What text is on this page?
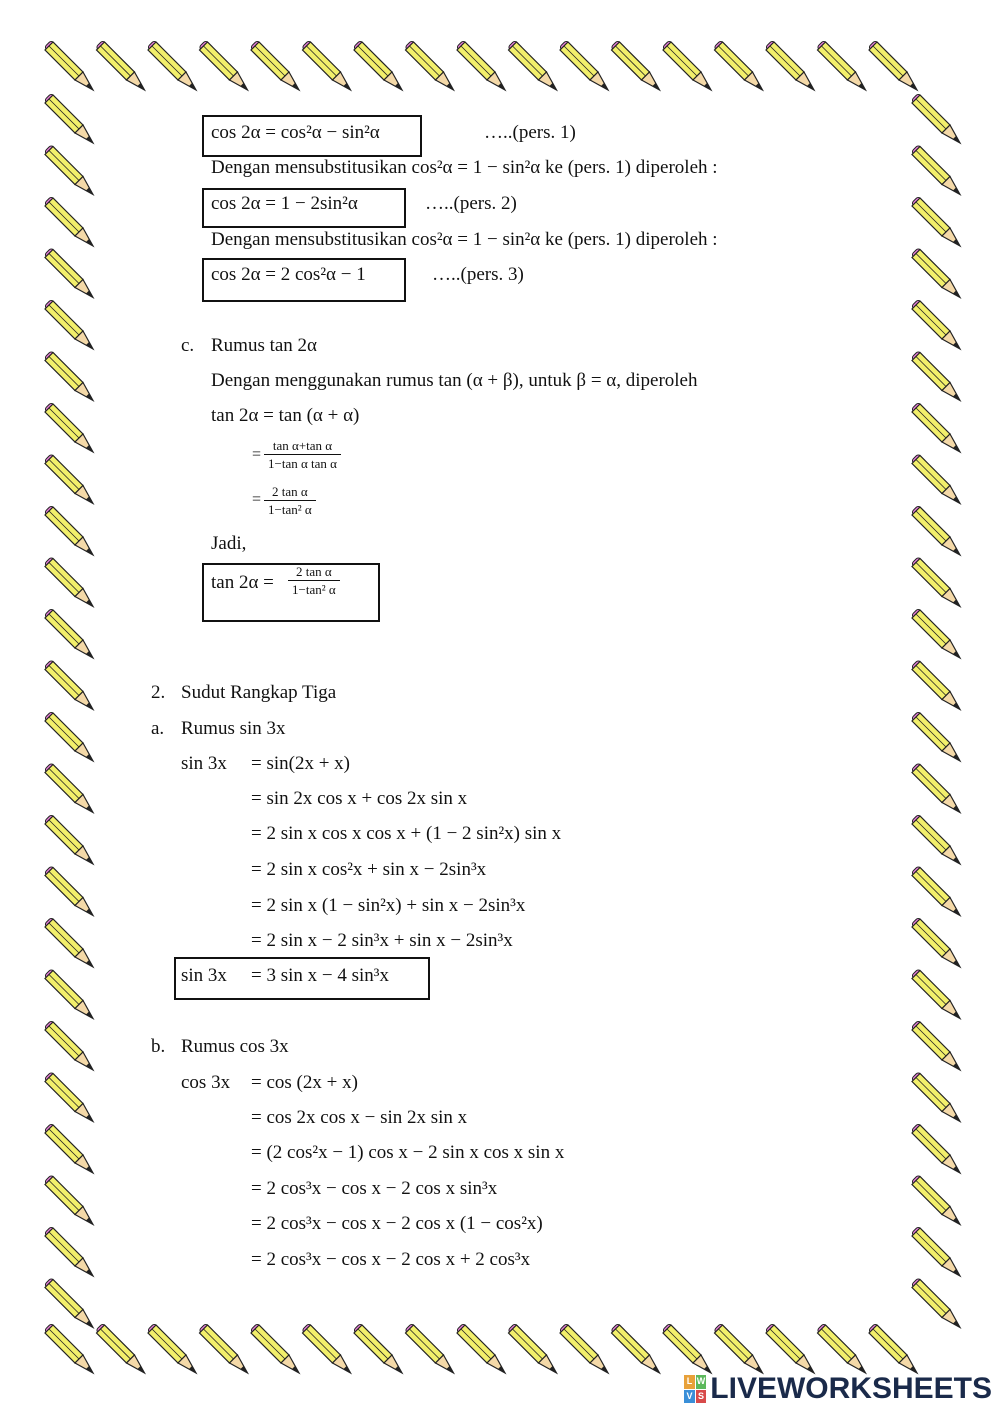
cos 2α = cos²α − sin²α	…..(pers. 1)
Dengan mensubstitusikan cos²α = 1 − sin²α ke (pers. 1) diperoleh :
cos 2α = 1 − 2sin²α	…..(pers. 2)
Dengan mensubstitusikan cos²α = 1 − sin²α ke (pers. 1) diperoleh :
cos 2α = 2 cos²α − 1	…..(pers. 3)
c. Rumus tan 2α
Dengan menggunakan rumus tan (α + β), untuk β = α, diperoleh
tan 2α = tan (α + α)
= $\frac{\text{tan α+tan α}}{\text{1−tan α tan α}}$
= $\frac{\text{2 tan α}}{\text{1−tan² α}}$
Jadi,
$\tan 2\alpha = \frac{\text{2 tan α}}{\text{1−tan² α}}$
2. Sudut Rangkap Tiga
a. Rumus sin 3x
sin 3x = sin(2x + x)
= sin 2x cos x + cos 2x sin x
= 2 sin x cos x cos x + (1 − 2 sin²x) sin x
= 2 sin x cos²x + sin x − 2sin³x
= 2 sin x (1 − sin²x) + sin x − 2sin³x
= 2 sin x − 2 sin³x + sin x − 2sin³x
sin 3x = 3 sin x − 4 sin³x
b. Rumus cos 3x
cos 3x = cos (2x + x)
= cos 2x cos x − sin 2x sin x
= (2 cos²x − 1) cos x − 2 sin x cos x sin x
= 2 cos³x − cos x − 2 cos x sin³x
= 2 cos³x − cos x − 2 cos x (1 − cos²x)
= 2 cos³x − cos x − 2 cos x + 2 cos³x
L W
V S LIVEWORKSHEETS
